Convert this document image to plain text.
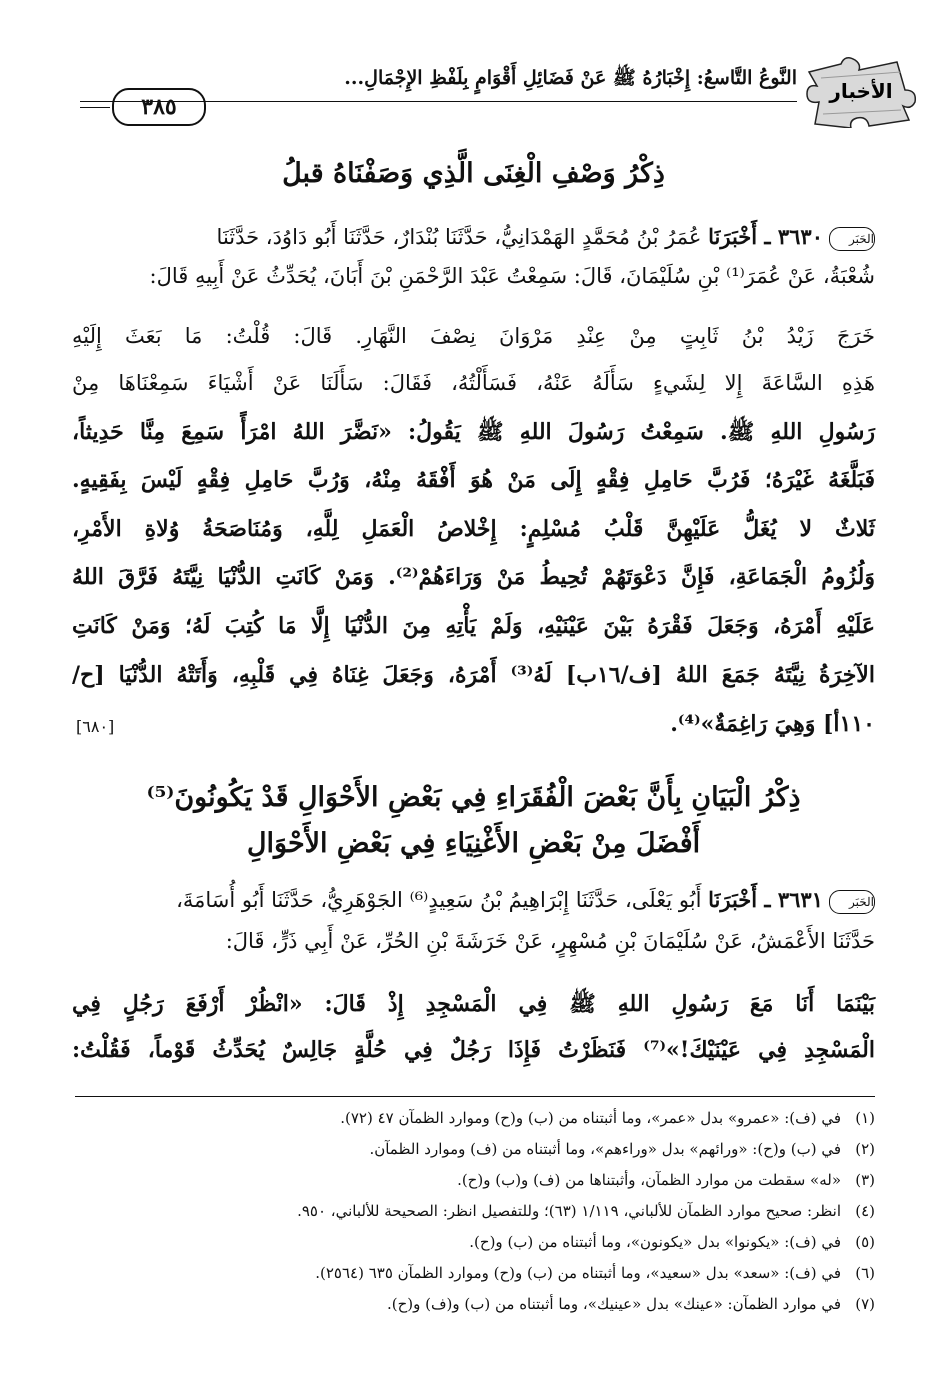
الأخبار
النَّوعُ التَّاسعُ: إِخْبَارُهُ ﷺ عَنْ فَضَائِلِ أَقْوَامٍ بِلَفْظِ الإِجْمَالِ...
٣٨٥
ذِكْرُ وَصْفِ الْغِنَى الَّذِي وَصَفْنَاهُ قبلُ
الحَبَر٣٦٣٠ ـ أَخْبَرَنَا عُمَرُ بْنُ مُحَمَّدٍ الهَمْدَانِيُّ، حَدَّثَنَا بُنْدَارٌ، حَدَّثَنَا أَبُو دَاوُدَ، حَدَّثَنَا
شُعْبَةُ، عَنْ عُمَرَ⁽¹⁾ بْنِ سُلَيْمَانَ، قَالَ: سَمِعْتُ عَبْدَ الرَّحْمَنِ بْنَ أَبَانَ، يُحَدِّثُ عَنْ أَبِيهِ قَالَ:
خَرَجَ زَيْدُ بْنُ ثَابِتٍ مِنْ عِنْدِ مَرْوَانَ نِصْفَ النَّهَارِ. قَالَ: قُلْتُ: مَا بَعَثَ إِلَيْهِ
هَذِهِ السَّاعَةَ إِلا لِشَيءٍ سَأَلَهُ عَنْهُ، فَسَأَلْتُهُ، فَقَالَ: سَأَلَنَا عَنْ أَشْيَاءَ سَمِعْنَاهَا مِنْ
رَسُولِ اللهِ ﷺ. سَمِعْتُ رَسُولَ اللهِ ﷺ يَقُولُ: «نَضَّرَ اللهُ امْرَأً سَمِعَ مِنَّا حَدِيثاً،
فَبَلَّغَهُ غَيْرَهُ؛ فَرُبَّ حَامِلِ فِقْهٍ إِلَى مَنْ هُوَ أَفْقَهُ مِنْهُ، وَرُبَّ حَامِلِ فِقْهٍ لَيْسَ بِفَقِيهٍ.
ثَلاثٌ لا يُغَلُّ عَلَيْهِنَّ قَلْبُ مُسْلِمٍ: إِخْلاصُ الْعَمَلِ لِلَّهِ، وَمُنَاصَحَةُ وُلاةِ الأَمْرِ،
وَلُزُومُ الْجَمَاعَةِ، فَإِنَّ دَعْوَتَهُمْ تُحِيطُ مَنْ وَرَاءَهُمْ⁽²⁾. وَمَنْ كَانَتِ الدُّنْيَا نِيَّتَهُ فَرَّقَ اللهُ
عَلَيْهِ أَمْرَهُ، وَجَعَلَ فَقْرَهُ بَيْنَ عَيْنَيْهِ، وَلَمْ يَأْتِهِ مِنَ الدُّنْيَا إِلَّا مَا كُتِبَ لَهُ؛ وَمَنْ كَانَتِ
الآخِرَةُ نِيَّتَهُ جَمَعَ اللهُ [ف/١٦ب] لَهُ⁽³⁾ أَمْرَهُ، وَجَعَلَ غِنَاهُ فِي قَلْبِهِ، وَأَتَتْهُ الدُّنْيَا [ح/
١١٠أ] وَهِيَ رَاغِمَةٌ»⁽⁴⁾.
[٦٨٠]
ذِكْرُ الْبَيَانِ بِأَنَّ بَعْضَ الْفُقَرَاءِ فِي بَعْضِ الأَحْوَالِ قَدْ يَكُونُونَ⁽⁵⁾
أَفْضَلَ مِنْ بَعْضِ الأَغْنِيَاءِ فِي بَعْضِ الأَحْوَالِ
الحَبَر٣٦٣١ ـ أَخْبَرَنَا أَبُو يَعْلَى، حَدَّثَنَا إِبْرَاهِيمُ بْنُ سَعِيدٍ⁽⁶⁾ الجَوْهَرِيُّ، حَدَّثَنَا أَبُو أُسَامَةَ،
حَدَّثَنَا الأَعْمَشُ، عَنْ سُلَيْمَانَ بْنِ مُسْهِرٍ، عَنْ خَرَشَةَ بْنِ الحُرِّ، عَنْ أَبِي ذَرٍّ، قَالَ:
بَيْنَمَا أَنَا مَعَ رَسُولِ اللهِ ﷺ فِي الْمَسْجِدِ إِذْ قَالَ: «انْظُرْ أَرْفَعَ رَجُلٍ فِي
الْمَسْجِدِ فِي عَيْنَيْكَ!»⁽⁷⁾ فَنَظَرْتُ فَإِذَا رَجُلٌ فِي حُلَّةٍ جَالِسٌ يُحَدِّثُ قَوْماً، فَقُلْتُ:
(١)في (ف): «عمرو» بدل «عمر»، وما أثبتناه من (ب) و(ح) وموارد الظمآن ٤٧ (٧٢).
(٢)في (ب) و(ح): «ورائهم» بدل «وراءهم»، وما أثبتناه من (ف) وموارد الظمآن.
(٣)«له» سقطت من موارد الظمآن، وأثبتناها من (ف) و(ب) و(ح).
(٤)انظر: صحيح موارد الظمآن للألباني، ١/١١٩ (٦٣)؛ وللتفصيل انظر: الصحيحة للألباني، ٩٥٠.
(٥)في (ف): «يكونوا» بدل «يكونون»، وما أثبتناه من (ب) و(ح).
(٦)في (ف): «سعد» بدل «سعيد»، وما أثبتناه من (ب) و(ح) وموارد الظمآن ٦٣٥ (٢٥٦٤).
(٧)في موارد الظمآن: «عينك» بدل «عينيك»، وما أثبتناه من (ب) و(ف) و(ح).
